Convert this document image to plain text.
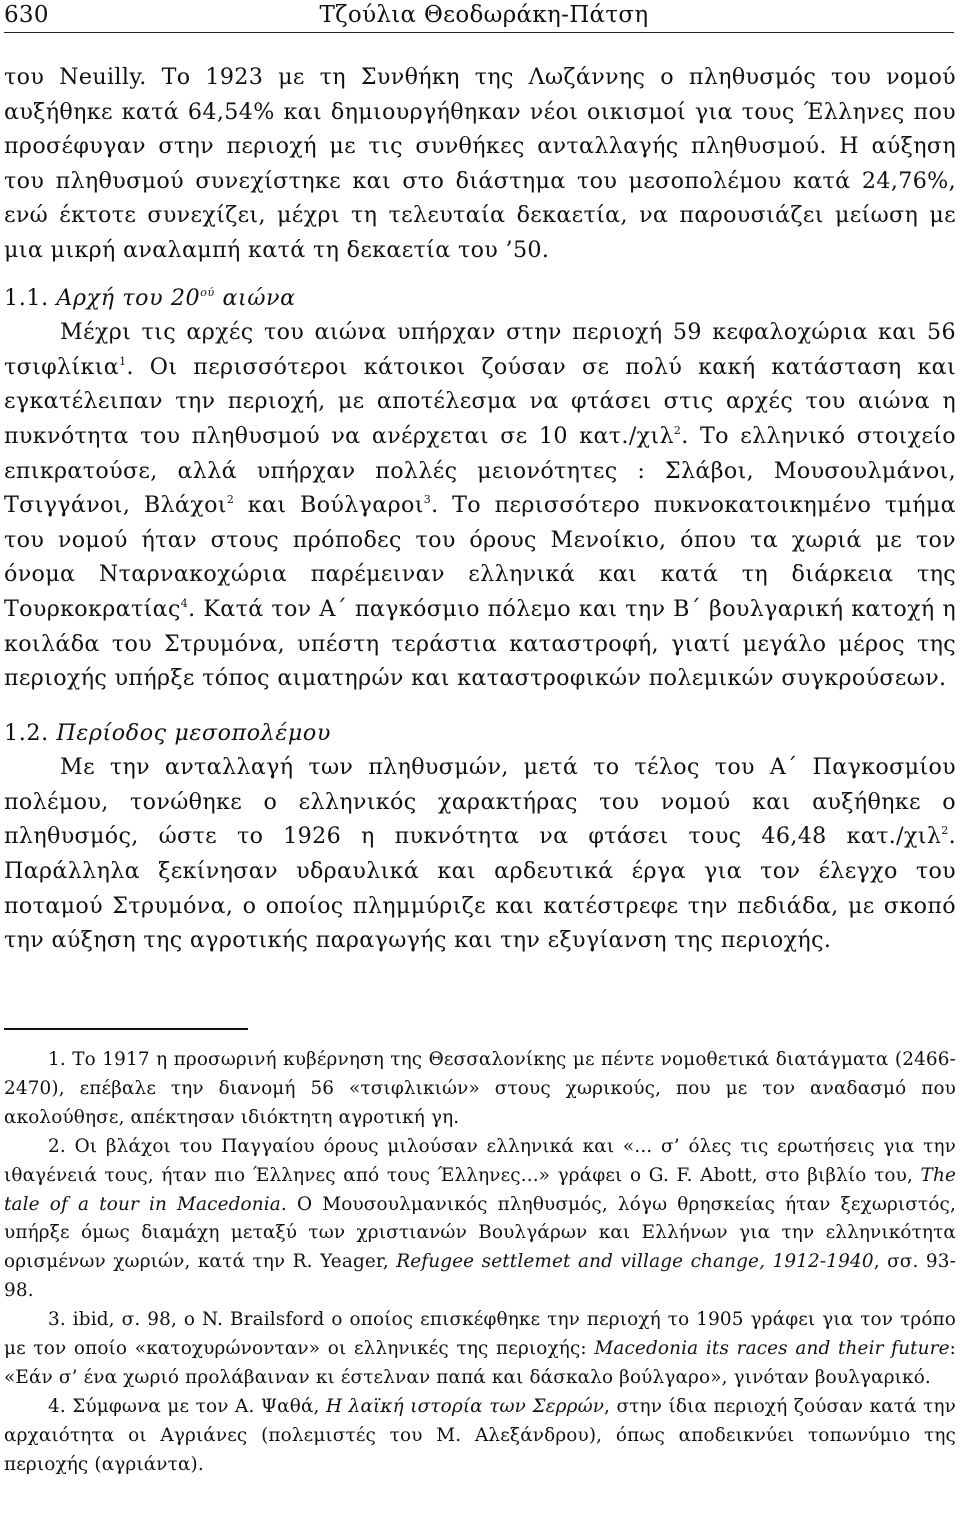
630	Τζούλια Θεοδωράκη-Πάτση

του Neuilly. Το 1923 με τη Συνθήκη της Λωζάννης ο πληθυσμός του νομού αυξήθηκε κατά 64,54% και δημιουργήθηκαν νέοι οικισμοί για τους Έλληνες που προσέφυγαν στην περιοχή με τις συνθήκες ανταλλαγής πληθυσμού. Η αύξηση του πληθυσμού συνεχίστηκε και στο διάστημα του μεσοπολέμου κατά 24,76%, ενώ έκτοτε συνεχίζει, μέχρι τη τελευταία δεκαετία, να παρουσιάζει μείωση με μια μικρή αναλαμπή κατά τη δεκαετία του ’50.

1.1. Αρχή του $20^{oύ}$ αιώνα

Μέχρι τις αρχές του αιώνα υπήρχαν στην περιοχή 59 κεφαλοχώρια και 56 τσιφλίκια$^1$. Οι περισσότεροι κάτοικοι ζούσαν σε πολύ κακή κατάσταση και εγκατέλειπαν την περιοχή, με αποτέλεσμα να φτάσει στις αρχές του αιώνα η πυκνότητα του πληθυσμού να ανέρχεται σε 10 κατ./χιλ$^2$. Το ελληνικό στοιχείο επικρατούσε, αλλά υπήρχαν πολλές μειονότητες : Σλάβοι, Μουσουλμάνοι, Τσιγγάνοι, Βλάχοι$^2$ και Βούλγαροι$^3$. Το περισσότερο πυκνοκατοικημένο τμήμα του νομού ήταν στους πρόποδες του όρους Μενοίκιο, όπου τα χωριά με τον όνομα Νταρνακοχώρια παρέμειναν ελληνικά και κατά τη διάρκεια της Τουρκοκρατίας$^4$. Κατά τον Α΄ παγκόσμιο πόλεμο και την Β΄ βουλγαρική κατοχή η κοιλάδα του Στρυμόνα, υπέστη τεράστια καταστροφή, γιατί μεγάλο μέρος της περιοχής υπήρξε τόπος αιματηρών και καταστροφικών πολεμικών συγκρούσεων.

1.2. Περίοδος μεσοπολέμου

Με την ανταλλαγή των πληθυσμών, μετά το τέλος του Α΄ Παγκοσμίου πολέμου, τονώθηκε ο ελληνικός χαρακτήρας του νομού και αυξήθηκε ο πληθυσμός, ώστε το 1926 η πυκνότητα να φτάσει τους 46,48 κατ./χιλ$^2$. Παράλληλα ξεκίνησαν υδραυλικά και αρδευτικά έργα για τον έλεγχο του ποταμού Στρυμόνα, ο οποίος πλημμύριζε και κατέστρεφε την πεδιάδα, με σκοπό την αύξηση της αγροτικής παραγωγής και την εξυγίανση της περιοχής.

1. Το 1917 η προσωρινή κυβέρνηση της Θεσσαλονίκης με πέντε νομοθετικά διατάγματα (2466-2470), επέβαλε την διανομή 56 «τσιφλικιών» στους χωρικούς, που με τον αναδασμό που ακολούθησε, απέκτησαν ιδιόκτητη αγροτική γη.

2. Οι βλάχοι του Παγγαίου όρους μιλούσαν ελληνικά και «... σ’ όλες τις ερωτήσεις για την ιθαγένειά τους, ήταν πιο Έλληνες από τους Έλληνες...» γράφει ο G. F. Abott, στο βιβλίο του, The tale of a tour in Macedonia. Ο Μουσουλμανικός πληθυσμός, λόγω θρησκείας ήταν ξεχωριστός, υπήρξε όμως διαμάχη μεταξύ των χριστιανών Βουλγάρων και Ελλήνων για την ελληνικότητα ορισμένων χωριών, κατά την R. Yeager, Refugee settlemet and village change, 1912-1940, σσ. 93-98.

3. ibid, σ. 98, ο N. Brailsford ο οποίος επισκέφθηκε την περιοχή το 1905 γράφει για τον τρόπο με τον οποίο «κατοχυρώνονταν» οι ελληνικές της περιοχής: Macedonia its races and their future: «Εάν σ’ ένα χωριό προλάβαιναν κι έστελναν παπά και δάσκαλο βούλγαρο», γινόταν βουλγαρικό.

4. Σύμφωνα με τον Α. Ψαθά, Η λαϊκή ιστορία των Σερρών, στην ίδια περιοχή ζούσαν κατά την αρχαιότητα οι Αγριάνες (πολεμιστές του Μ. Αλεξάνδρου), όπως αποδεικνύει τοπωνύμιο της περιοχής (αγριάντα).
